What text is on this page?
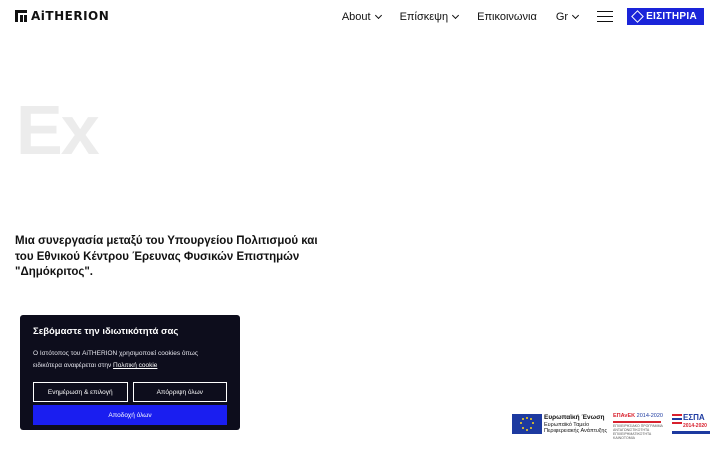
AiTHERION	About	Επίσκεψη	Επικοινωνια Gr	ΕΙΣΙΤΗΡΙΑ
Ex

Μια συνεργασία μεταξύ του Υπουργείου Πολιτισμού και του Εθνικού Κέντρου Έρευνας Φυσικών Επιστημών "Δημόκριτος".

Σεβόμαστε την ιδιωτικότητά σας
Ο Ιστότοπος του AiTHERION χρησιμοποιεί cookies όπως ειδικότερα αναφέρεται στην Πολιτική cookie
Ενημέρωση & επιλογή	Απόρριψη όλων
Αποδοχή όλων	Ευρωπαϊκή Ένωση
Ευρωπαϊκό Ταμείο
Περιφερειακής Ανάπτυξης
ΕΠΑνΕΚ 2014-2020
ΕΠΙΧΕΙΡΗΣΙΑΚΟ ΠΡΟΓΡΑΜΜΑ ΑΝΤΑΓΩΝΙΣΤΙΚΟΤΗΤΑ ΕΠΙΧΕΙΡΗΜΑΤΙΚΟΤΗΤΑ ΚΑΙΝΟΤΟΜΙΑ
ΕΣΠΑ
2014-2020
